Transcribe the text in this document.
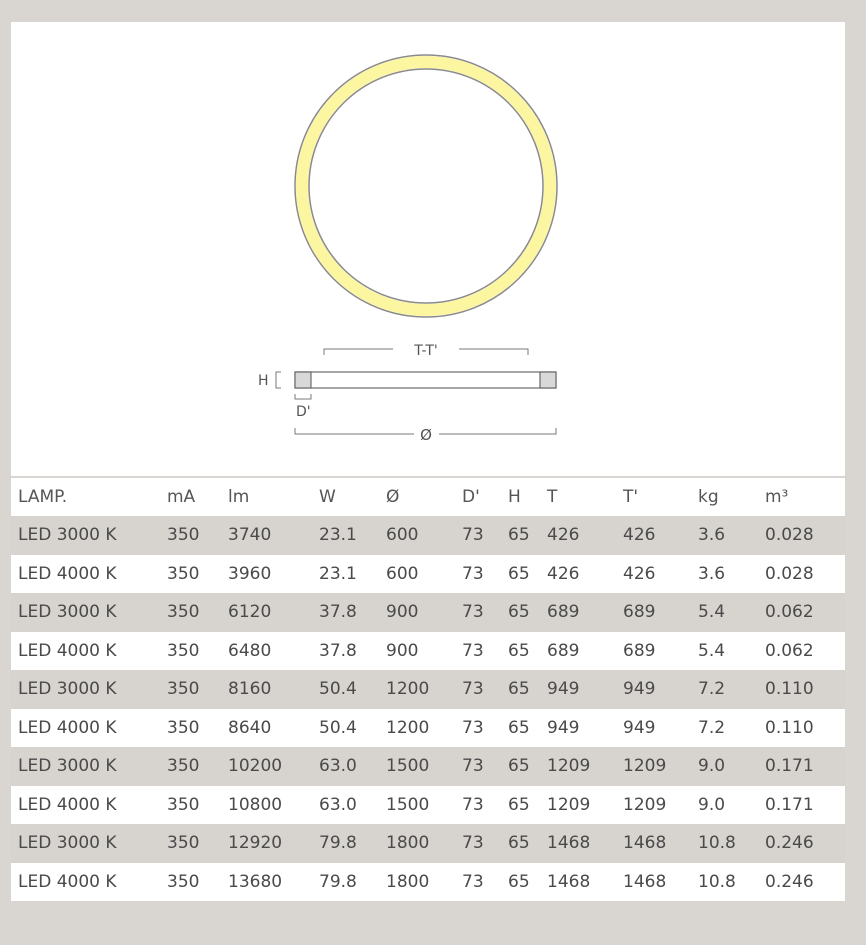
T-T'
H
D'
Ø
LAMP.	mA	lm	W	Ø	D'	H	T	T'	kg	m³
LED 3000 K	350	3740	23.1	600	73	65	426	426	3.6	0.028
LED 4000 K	350	3960	23.1	600	73	65	426	426	3.6	0.028
LED 3000 K	350	6120	37.8	900	73	65	689	689	5.4	0.062
LED 4000 K	350	6480	37.8	900	73	65	689	689	5.4	0.062
LED 3000 K	350	8160	50.4	1200	73	65	949	949	7.2	0.110
LED 4000 K	350	8640	50.4	1200	73	65	949	949	7.2	0.110
LED 3000 K	350	10200	63.0	1500	73	65	1209	1209	9.0	0.171
LED 4000 K	350	10800	63.0	1500	73	65	1209	1209	9.0	0.171
LED 3000 K	350	12920	79.8	1800	73	65	1468	1468	10.8	0.246
LED 4000 K	350	13680	79.8	1800	73	65	1468	1468	10.8	0.246
